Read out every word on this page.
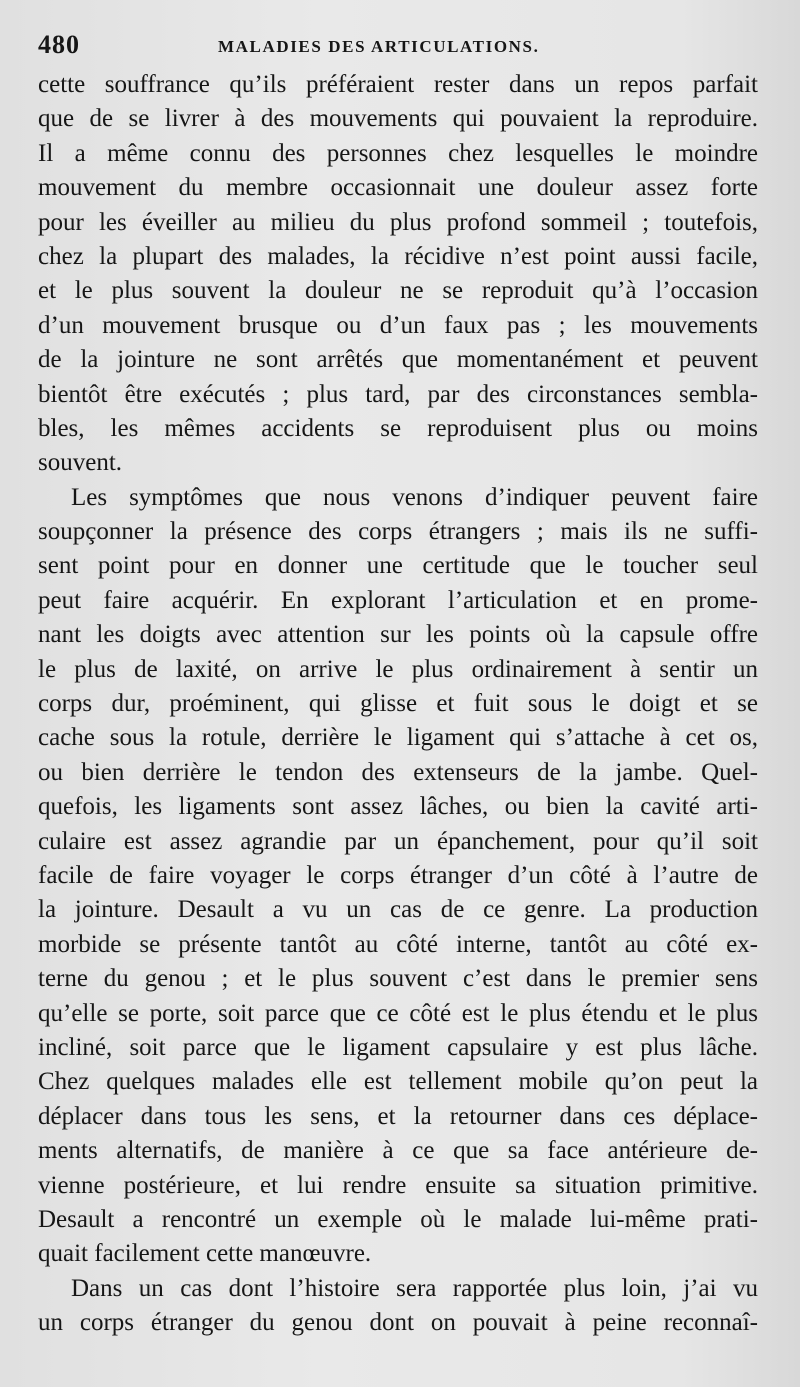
480	MALADIES DES ARTICULATIONS.
cette souffrance qu’ils préféraient rester dans un repos parfait
que de se livrer à des mouvements qui pouvaient la reproduire.
Il a même connu des personnes chez lesquelles le moindre
mouvement du membre occasionnait une douleur assez forte
pour les éveiller au milieu du plus profond sommeil ; toutefois,
chez la plupart des malades, la récidive n’est point aussi facile,
et le plus souvent la douleur ne se reproduit qu’à l’occasion
d’un mouvement brusque ou d’un faux pas ; les mouvements
de la jointure ne sont arrêtés que momentanément et peuvent
bientôt être exécutés ; plus tard, par des circonstances sembla-
bles, les mêmes accidents se reproduisent plus ou moins
souvent.
Les symptômes que nous venons d’indiquer peuvent faire
soupçonner la présence des corps étrangers ; mais ils ne suffi-
sent point pour en donner une certitude que le toucher seul
peut faire acquérir. En explorant l’articulation et en prome-
nant les doigts avec attention sur les points où la capsule offre
le plus de laxité, on arrive le plus ordinairement à sentir un
corps dur, proéminent, qui glisse et fuit sous le doigt et se
cache sous la rotule, derrière le ligament qui s’attache à cet os,
ou bien derrière le tendon des extenseurs de la jambe. Quel-
quefois, les ligaments sont assez lâches, ou bien la cavité arti-
culaire est assez agrandie par un épanchement, pour qu’il soit
facile de faire voyager le corps étranger d’un côté à l’autre de
la jointure. Desault a vu un cas de ce genre. La production
morbide se présente tantôt au côté interne, tantôt au côté ex-
terne du genou ; et le plus souvent c’est dans le premier sens
qu’elle se porte, soit parce que ce côté est le plus étendu et le plus
incliné, soit parce que le ligament capsulaire y est plus lâche.
Chez quelques malades elle est tellement mobile qu’on peut la
déplacer dans tous les sens, et la retourner dans ces déplace-
ments alternatifs, de manière à ce que sa face antérieure de-
vienne postérieure, et lui rendre ensuite sa situation primitive.
Desault a rencontré un exemple où le malade lui-même prati-
quait facilement cette manœuvre.
Dans un cas dont l’histoire sera rapportée plus loin, j’ai vu
un corps étranger du genou dont on pouvait à peine reconnaî-
